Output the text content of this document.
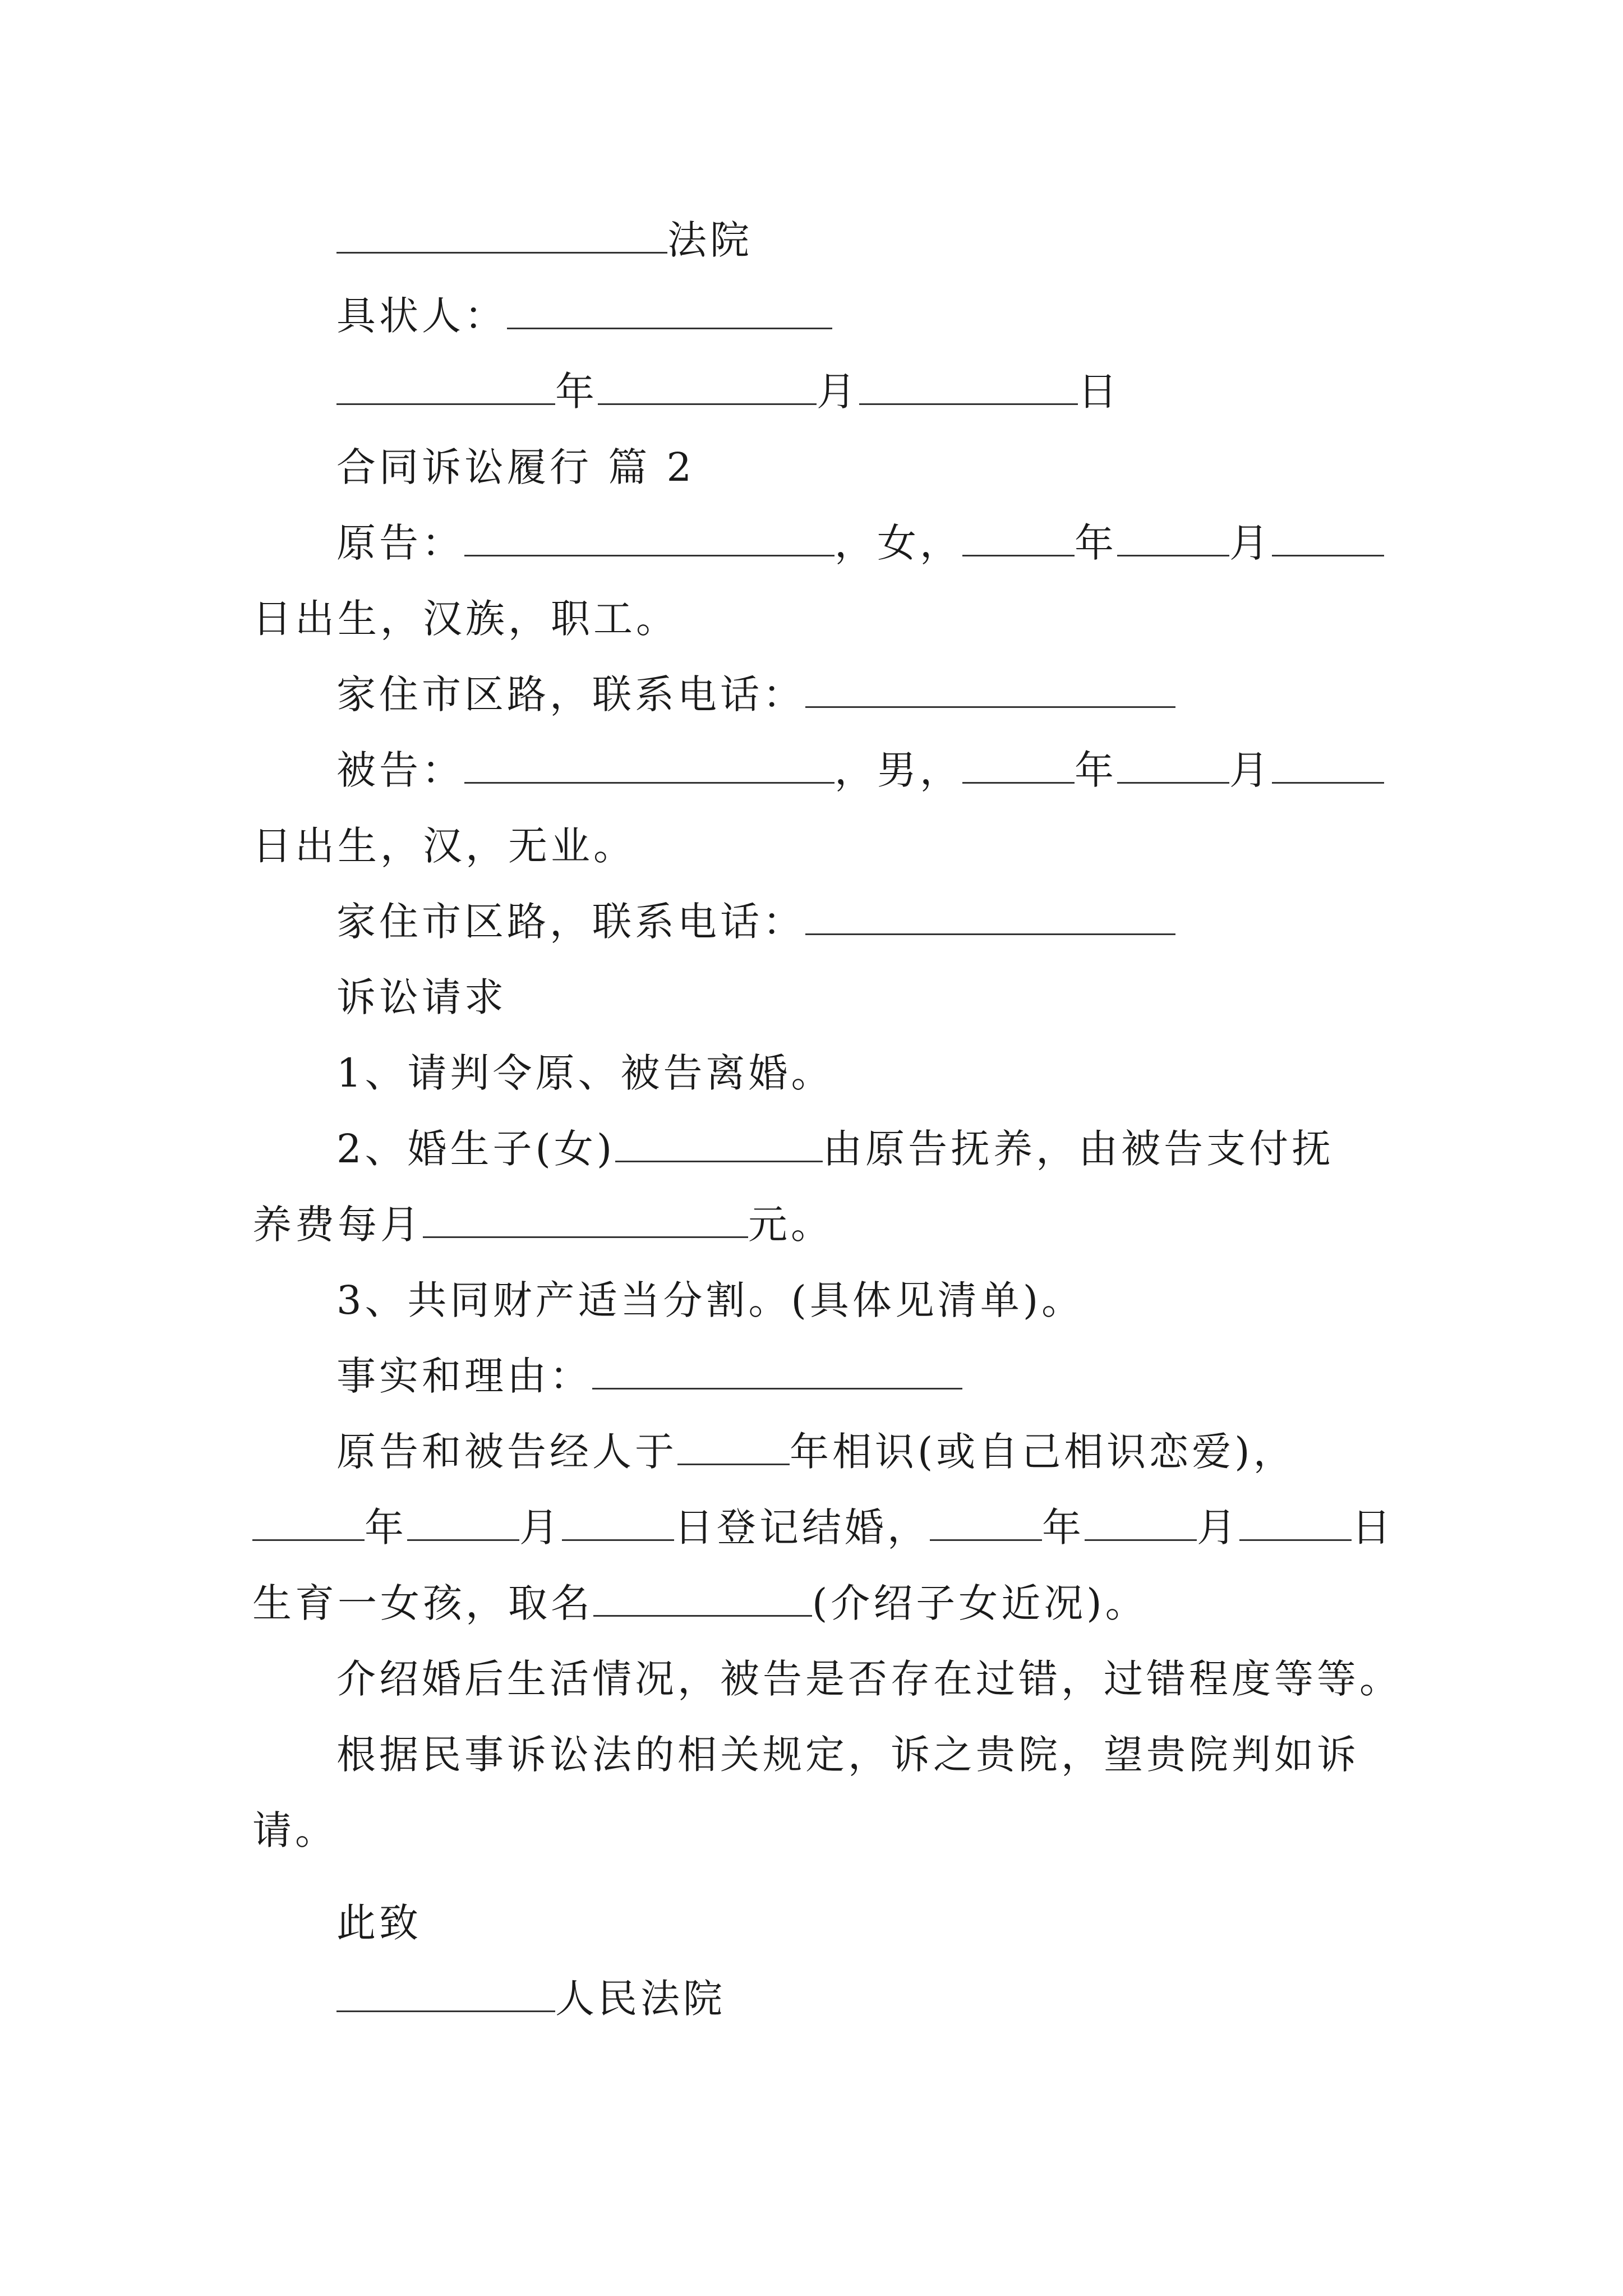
法院
具状人：
年	月	日
合同诉讼履行 篇 2
原告：	，女，	年	月
日出生，汉族，职工。
家住市区路，联系电话：
被告：	，男，	年	月
日出生，汉，无业。
家住市区路，联系电话：
诉讼请求
1、请判令原、被告离婚。
2、婚生子(女)	由原告抚养，由被告支付抚
养费每月	元。
3、共同财产适当分割。(具体见清单)。
事实和理由：
原告和被告经人于	年相识(或自己相识恋爱)，
年	月	日登记结婚，	年	月	日
生育一女孩，取名	(介绍子女近况)。
介绍婚后生活情况，被告是否存在过错，过错程度等等。
根据民事诉讼法的相关规定，诉之贵院，望贵院判如诉
请。
此致
人民法院
